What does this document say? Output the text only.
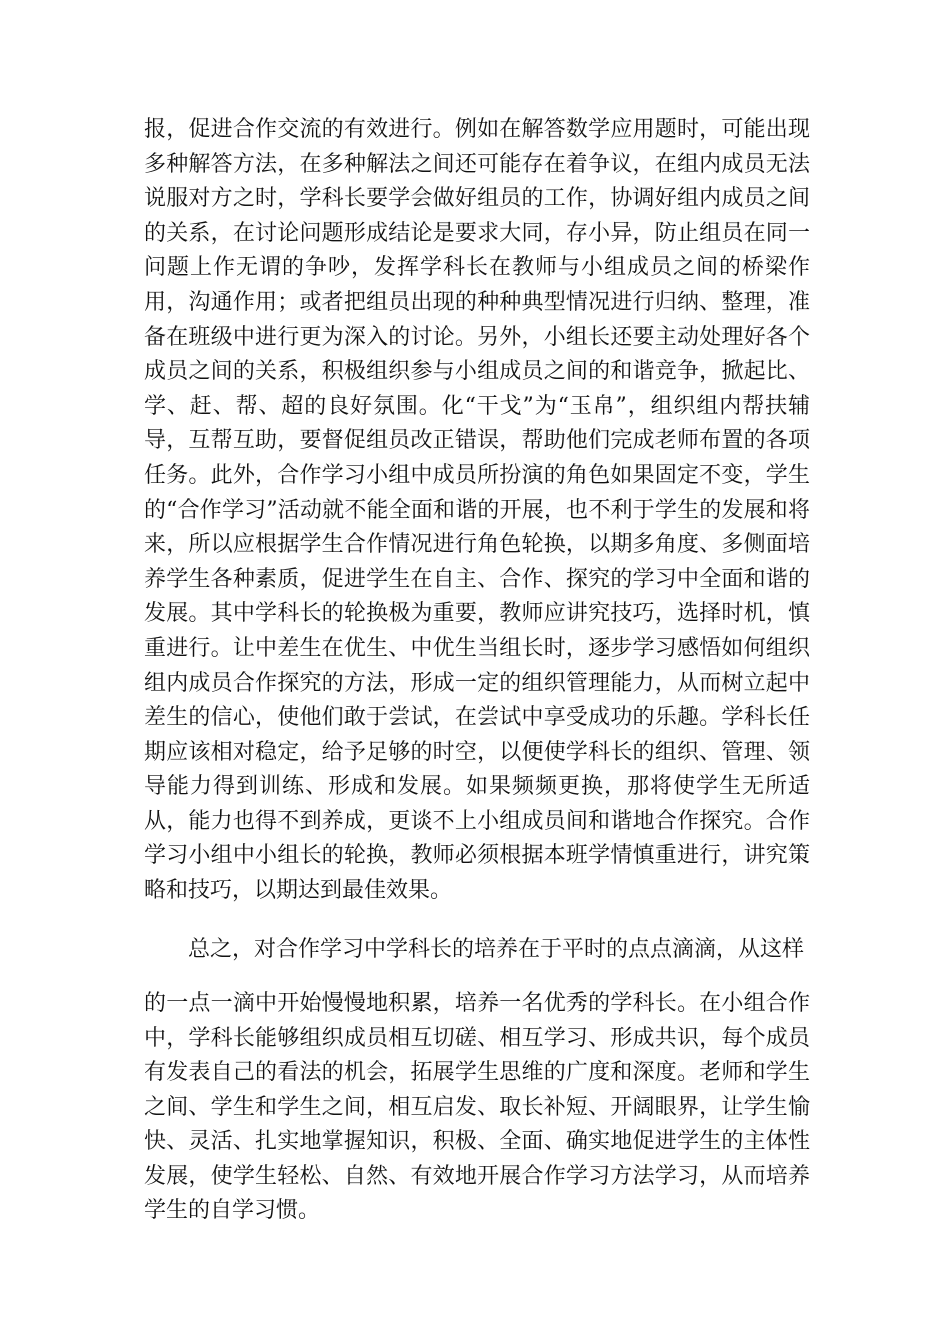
报，促进合作交流的有效进行。例如在解答数学应用题时，可能出现多种解答方法，在多种解法之间还可能存在着争议，在组内成员无法说服对方之时，学科长要学会做好组员的工作，协调好组内成员之间的关系，在讨论问题形成结论是要求大同，存小异，防止组员在同一问题上作无谓的争吵，发挥学科长在教师与小组成员之间的桥梁作用，沟通作用；或者把组员出现的种种典型情况进行归纳、整理，准备在班级中进行更为深入的讨论。另外，小组长还要主动处理好各个成员之间的关系，积极组织参与小组成员之间的和谐竞争，掀起比、学、赶、帮、超的良好氛围。化“干戈”为“玉帛”，组织组内帮扶辅导，互帮互助，要督促组员改正错误，帮助他们完成老师布置的各项任务。此外，合作学习小组中成员所扮演的角色如果固定不变，学生的“合作学习”活动就不能全面和谐的开展，也不利于学生的发展和将来，所以应根据学生合作情况进行角色轮换，以期多角度、多侧面培养学生各种素质，促进学生在自主、合作、探究的学习中全面和谐的发展。其中学科长的轮换极为重要，教师应讲究技巧，选择时机，慎重进行。让中差生在优生、中优生当组长时，逐步学习感悟如何组织组内成员合作探究的方法，形成一定的组织管理能力，从而树立起中差生的信心，使他们敢于尝试，在尝试中享受成功的乐趣。学科长任期应该相对稳定，给予足够的时空，以便使学科长的组织、管理、领导能力得到训练、形成和发展。如果频频更换，那将使学生无所适从，能力也得不到养成，更谈不上小组成员间和谐地合作探究。合作学习小组中小组长的轮换，教师必须根据本班学情慎重进行，讲究策略和技巧，以期达到最佳效果。

总之，对合作学习中学科长的培养在于平时的点点滴滴，从这样

的一点一滴中开始慢慢地积累，培养一名优秀的学科长。在小组合作中，学科长能够组织成员相互切磋、相互学习、形成共识，每个成员有发表自己的看法的机会，拓展学生思维的广度和深度。老师和学生之间、学生和学生之间，相互启发、取长补短、开阔眼界，让学生愉快、灵活、扎实地掌握知识，积极、全面、确实地促进学生的主体性发展，使学生轻松、自然、有效地开展合作学习方法学习，从而培养学生的自学习惯。
